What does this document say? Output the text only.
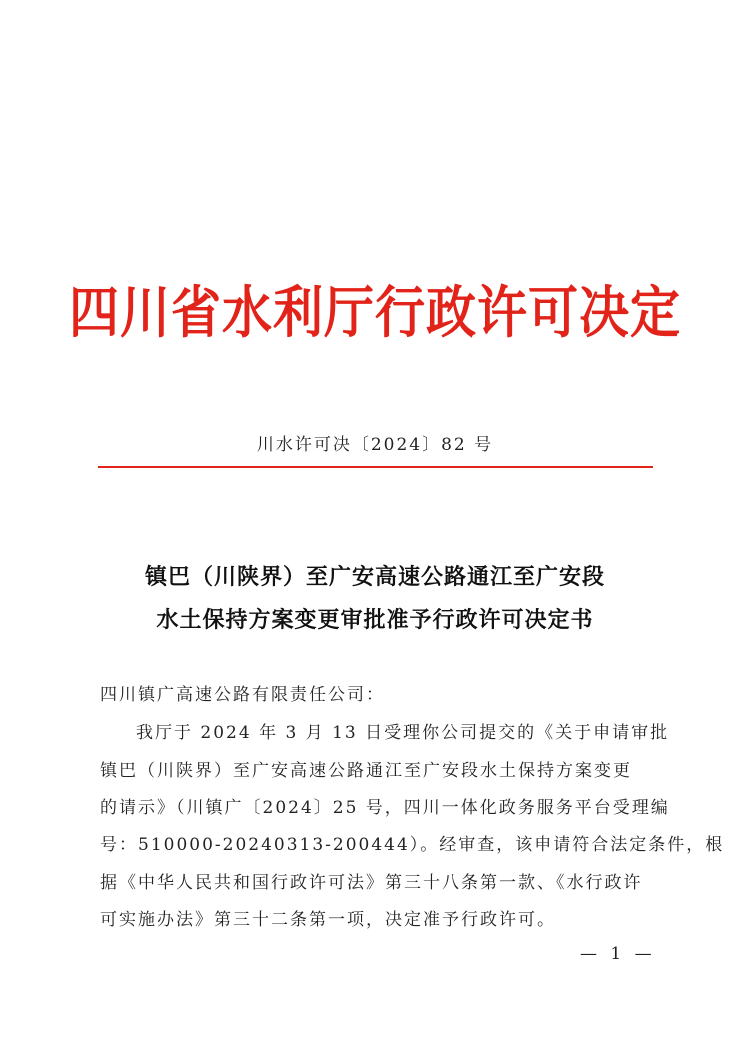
四川省水利厅行政许可决定
川水许可决〔2024〕82 号
镇巴（川陕界）至广安高速公路通江至广安段
水土保持方案变更审批准予行政许可决定书
四川镇广高速公路有限责任公司：
我厅于 2024 年 3 月 13 日受理你公司提交的《关于申请审批
镇巴（川陕界）至广安高速公路通江至广安段水土保持方案变更
的请示》（川镇广〔2024〕25 号，四川一体化政务服务平台受理编
号：510000-20240313-200444）。经审查，该申请符合法定条件，根
据《中华人民共和国行政许可法》第三十八条第一款、《水行政许
可实施办法》第三十二条第一项，决定准予行政许可。
— 1 —
